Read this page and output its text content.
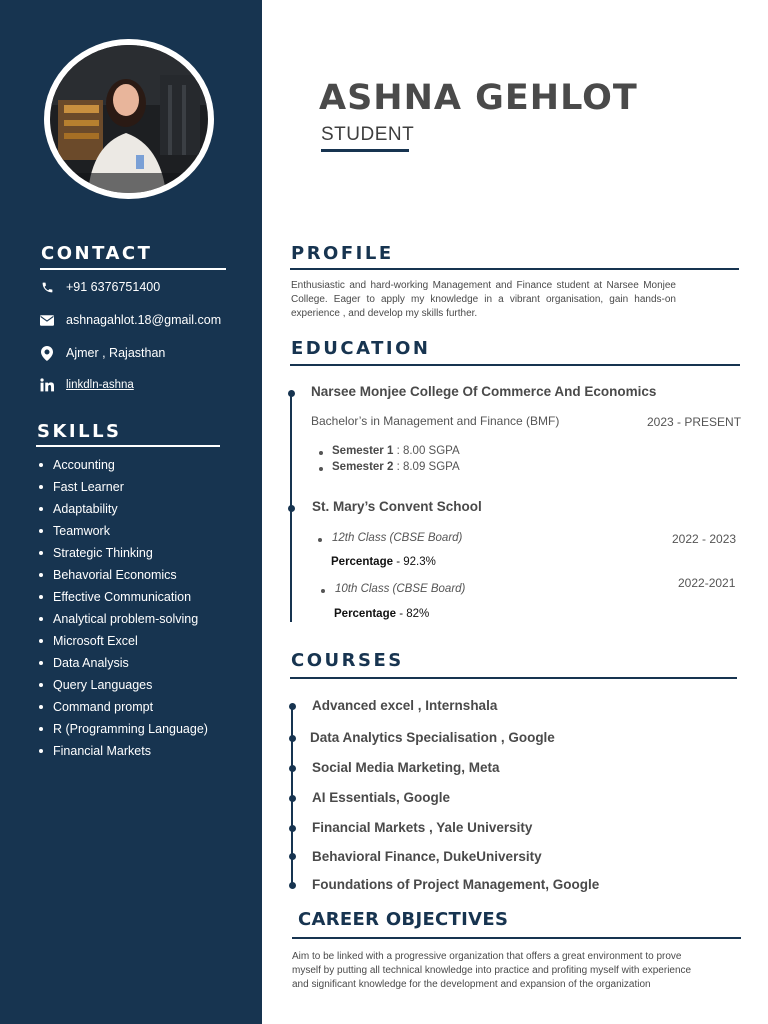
CONTACT
+91 6376751400
ashnagahlot.18@gmail.com
Ajmer , Rajasthan
linkdln-ashna
SKILLS
Accounting
Fast Learner
Adaptability
Teamwork
Strategic Thinking
Behavorial Economics
Effective Communication
Analytical problem-solving
Microsoft Excel
Data Analysis
Query Languages
Command prompt
R (Programming Language)
Financial Markets
ASHNA GEHLOT
STUDENT
PROFILE
Enthusiastic and hard-working Management and Finance student at Narsee Monjee College. Eager to apply my knowledge in a vibrant organisation, gain hands-on experience , and develop my skills further.
EDUCATION
Narsee Monjee College Of Commerce And Economics
Bachelor’s in Management and Finance (BMF)	2023 - PRESENT
Semester 1 : 8.00 SGPA
Semester 2 : 8.09 SGPA
St. Mary’s Convent School
12th Class (CBSE Board)	2022 - 2023
Percentage - 92.3%
10th Class (CBSE Board)	2022-2021
Percentage - 82%
COURSES
Advanced excel , Internshala
Data Analytics Specialisation , Google
Social Media Marketing, Meta
AI Essentials, Google
Financial Markets , Yale University
Behavioral Finance, DukeUniversity
Foundations of Project Management, Google
CAREER OBJECTIVES
Aim to be linked with a progressive organization that offers a great environment to prove myself by putting all technical knowledge into practice and profiting myself with experience and significant knowledge for the development and expansion of the organization
